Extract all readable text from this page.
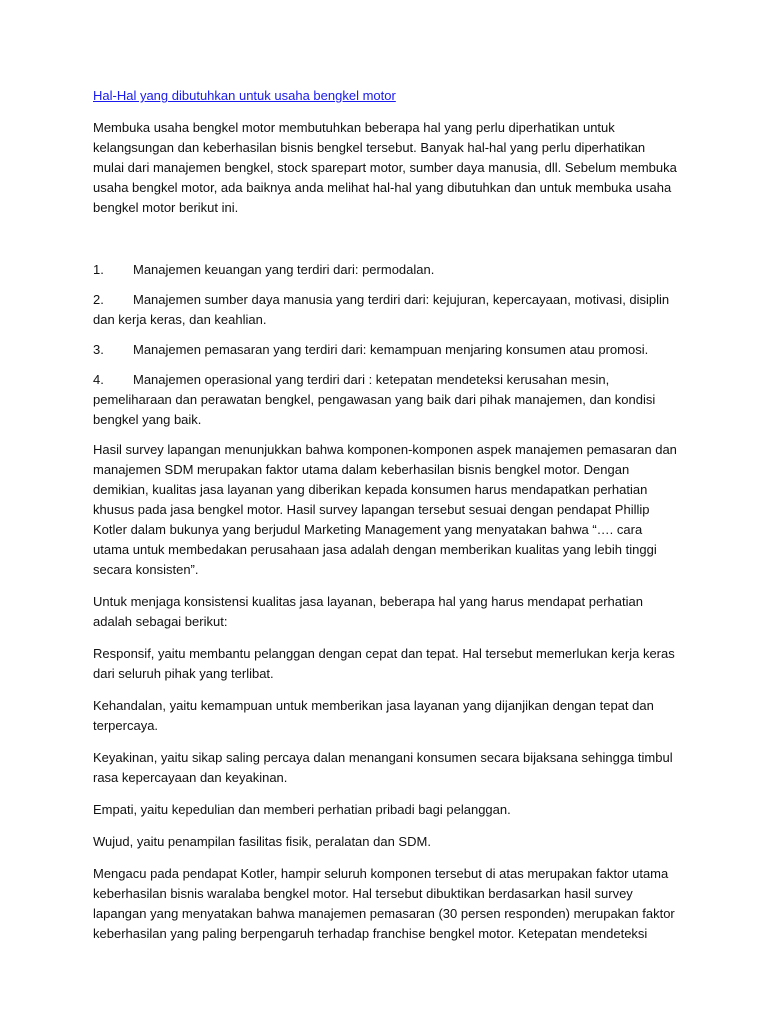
Hal-Hal yang dibutuhkan untuk usaha bengkel motor
Membuka usaha bengkel motor membutuhkan beberapa hal yang perlu diperhatikan untuk
kelangsungan dan keberhasilan bisnis bengkel tersebut. Banyak hal-hal yang perlu diperhatikan
mulai dari manajemen bengkel, stock sparepart motor, sumber daya manusia, dll. Sebelum membuka
usaha bengkel motor, ada baiknya anda melihat hal-hal yang dibutuhkan dan untuk membuka usaha
bengkel motor berikut ini.
1. Manajemen keuangan yang terdiri dari: permodalan.
2. Manajemen sumber daya manusia yang terdiri dari: kejujuran, kepercayaan, motivasi, disiplin
dan kerja keras, dan keahlian.
3. Manajemen pemasaran yang terdiri dari: kemampuan menjaring konsumen atau promosi.
4. Manajemen operasional yang terdiri dari : ketepatan mendeteksi kerusahan mesin,
pemeliharaan dan perawatan bengkel, pengawasan yang baik dari pihak manajemen, dan kondisi
bengkel yang baik.
Hasil survey lapangan menunjukkan bahwa komponen-komponen aspek manajemen pemasaran dan
manajemen SDM merupakan faktor utama dalam keberhasilan bisnis bengkel motor. Dengan
demikian, kualitas jasa layanan yang diberikan kepada konsumen harus mendapatkan perhatian
khusus pada jasa bengkel motor. Hasil survey lapangan tersebut sesuai dengan pendapat Phillip
Kotler dalam bukunya yang berjudul Marketing Management yang menyatakan bahwa “…. cara
utama untuk membedakan perusahaan jasa adalah dengan memberikan kualitas yang lebih tinggi
secara konsisten”.
Untuk menjaga konsistensi kualitas jasa layanan, beberapa hal yang harus mendapat perhatian
adalah sebagai berikut:
Responsif, yaitu membantu pelanggan dengan cepat dan tepat. Hal tersebut memerlukan kerja keras
dari seluruh pihak yang terlibat.
Kehandalan, yaitu kemampuan untuk memberikan jasa layanan yang dijanjikan dengan tepat dan
terpercaya.
Keyakinan, yaitu sikap saling percaya dalan menangani konsumen secara bijaksana sehingga timbul
rasa kepercayaan dan keyakinan.
Empati, yaitu kepedulian dan memberi perhatian pribadi bagi pelanggan.
Wujud, yaitu penampilan fasilitas fisik, peralatan dan SDM.
Mengacu pada pendapat Kotler, hampir seluruh komponen tersebut di atas merupakan faktor utama
keberhasilan bisnis waralaba bengkel motor. Hal tersebut dibuktikan berdasarkan hasil survey
lapangan yang menyatakan bahwa manajemen pemasaran (30 persen responden) merupakan faktor
keberhasilan yang paling berpengaruh terhadap franchise bengkel motor. Ketepatan mendeteksi
